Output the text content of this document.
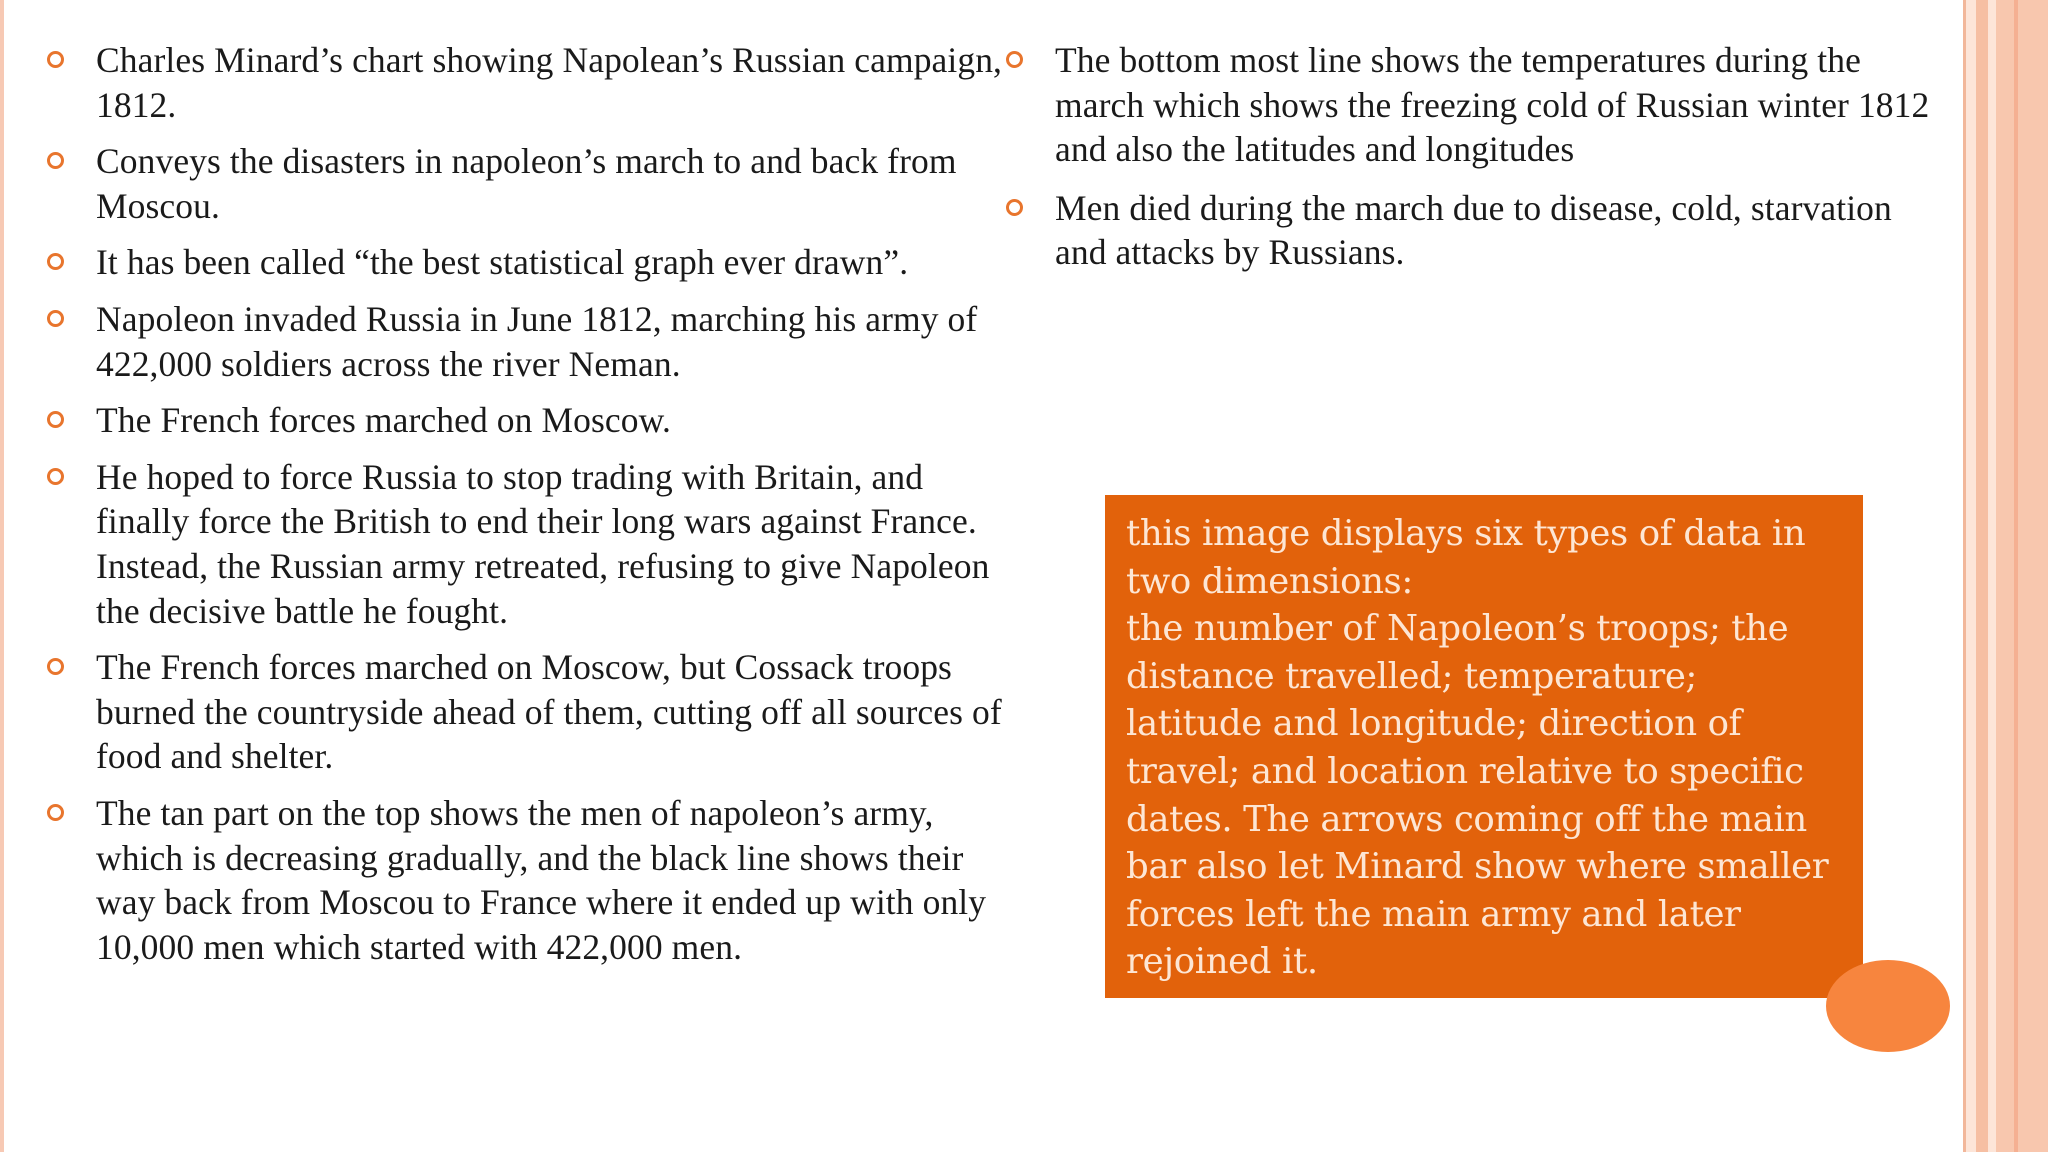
Charles Minard’s chart showing Napolean’s Russian campaign, 1812.
Conveys the disasters in napoleon’s march to and back from Moscou.
It has been called “the best statistical graph ever drawn”.
Napoleon invaded Russia in June 1812, marching his army of 422,000 soldiers across the river Neman.
The French forces marched on Moscow.
He hoped to force Russia to stop trading with Britain, and finally force the British to end their long wars against France. Instead, the Russian army retreated, refusing to give Napoleon the decisive battle he fought.
The French forces marched on Moscow, but Cossack troops burned the countryside ahead of them, cutting off all sources of food and shelter.
The tan part on the top shows the men of napoleon’s army, which is decreasing gradually, and the black line shows their way back from Moscou to France where it ended up with only 10,000 men which started with 422,000 men.
The bottom most line shows the temperatures during the march which shows the freezing cold of Russian winter 1812 and also the latitudes and longitudes
Men died during the march due to disease, cold, starvation and attacks by Russians.
this image displays six types of data in two dimensions:
the number of Napoleon’s troops; the distance travelled; temperature; latitude and longitude; direction of travel; and location relative to specific dates. The arrows coming off the main bar also let Minard show where smaller forces left the main army and later rejoined it.
